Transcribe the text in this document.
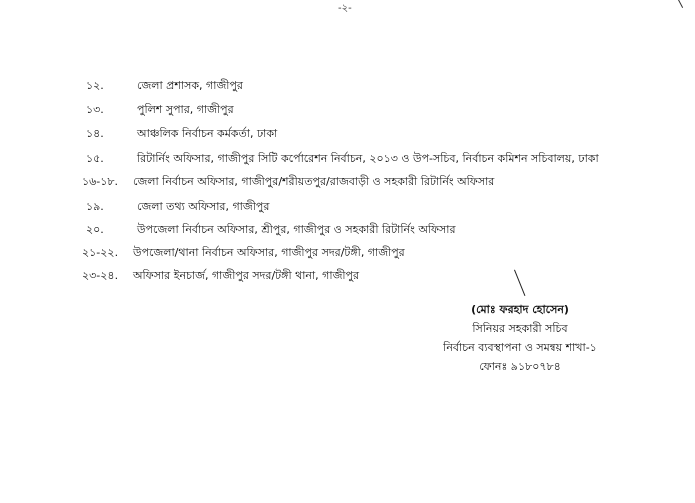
-২-
১২.	জেলা প্রশাসক, গাজীপুর
১৩.	পুলিশ সুপার, গাজীপুর
১৪.	আঞ্চলিক নির্বাচন কর্মকর্তা, ঢাকা
১৫.	রিটার্নিং অফিসার, গাজীপুর সিটি কর্পোরেশন নির্বাচন, ২০১৩ ও উপ-সচিব, নির্বাচন কমিশন সচিবালয়, ঢাকা
১৬-১৮. জেলা নির্বাচন অফিসার, গাজীপুর/শরীয়তপুর/রাজবাড়ী ও সহকারী রিটার্নিং অফিসার
১৯.	জেলা তথ্য অফিসার, গাজীপুর
২০.	উপজেলা নির্বাচন অফিসার, শ্রীপুর, গাজীপুর ও সহকারী রিটার্নিং অফিসার
২১-২২. উপজেলা/থানা নির্বাচন অফিসার, গাজীপুর সদর/টঙ্গী, গাজীপুর
২৩-২৪. অফিসার ইনচার্জ, গাজীপুর সদর/টঙ্গী থানা, গাজীপুর
(মোঃ ফরহাদ হোসেন)
সিনিয়র সহকারী সচিব
নির্বাচন ব্যবস্থাপনা ও সমন্বয় শাখা-১
ফোনঃ ৯১৮০৭৮৪
